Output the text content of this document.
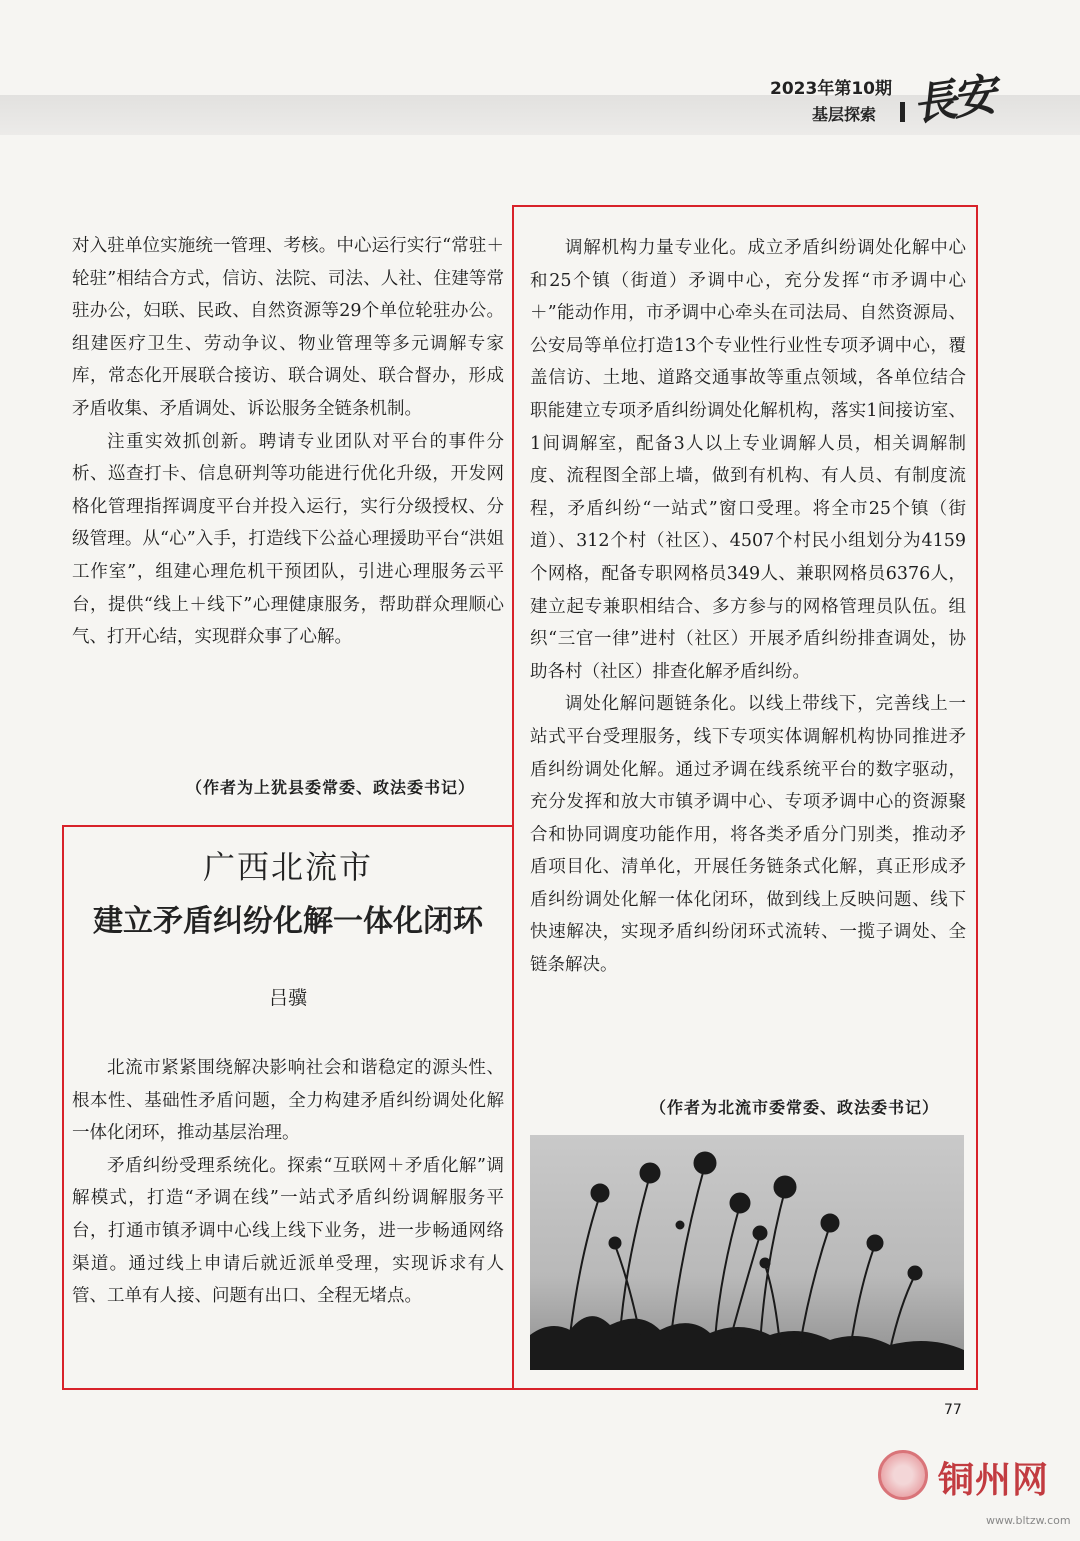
2023年第10期
基层探索 長安

对入驻单位实施统一管理、考核。中心运行实行“常驻＋轮驻”相结合方式，信访、法院、司法、人社、住建等常驻办公，妇联、民政、自然资源等29个单位轮驻办公。组建医疗卫生、劳动争议、物业管理等多元调解专家库，常态化开展联合接访、联合调处、联合督办，形成矛盾收集、矛盾调处、诉讼服务全链条机制。

注重实效抓创新。聘请专业团队对平台的事件分析、巡查打卡、信息研判等功能进行优化升级，开发网格化管理指挥调度平台并投入运行，实行分级授权、分级管理。从“心”入手，打造线下公益心理援助平台“洪姐工作室”，组建心理危机干预团队，引进心理服务云平台，提供“线上＋线下”心理健康服务，帮助群众理顺心气、打开心结，实现群众事了心解。

（作者为上犹县委常委、政法委书记）
广西北流市
建立矛盾纠纷化解一体化闭环
吕骥

北流市紧紧围绕解决影响社会和谐稳定的源头性、根本性、基础性矛盾问题，全力构建矛盾纠纷调处化解一体化闭环，推动基层治理。

矛盾纠纷受理系统化。探索“互联网＋矛盾化解”调解模式，打造“矛调在线”一站式矛盾纠纷调解服务平台，打通市镇矛调中心线上线下业务，进一步畅通网络渠道。通过线上申请后就近派单受理，实现诉求有人管、工单有人接、问题有出口、全程无堵点。

调解机构力量专业化。成立矛盾纠纷调处化解中心和25个镇（街道）矛调中心，充分发挥“市矛调中心＋”能动作用，市矛调中心牵头在司法局、自然资源局、公安局等单位打造13个专业性行业性专项矛调中心，覆盖信访、土地、道路交通事故等重点领域，各单位结合职能建立专项矛盾纠纷调处化解机构，落实1间接访室、1间调解室，配备3人以上专业调解人员，相关调解制度、流程图全部上墙，做到有机构、有人员、有制度流程，矛盾纠纷“一站式”窗口受理。将全市25个镇（街道）、312个村（社区）、4507个村民小组划分为4159个网格，配备专职网格员349人、兼职网格员6376人，建立起专兼职相结合、多方参与的网格管理员队伍。组织“三官一律”进村（社区）开展矛盾纠纷排查调处，协助各村（社区）排查化解矛盾纠纷。

调处化解问题链条化。以线上带线下，完善线上一站式平台受理服务，线下专项实体调解机构协同推进矛盾纠纷调处化解。通过矛调在线系统平台的数字驱动，充分发挥和放大市镇矛调中心、专项矛调中心的资源聚合和协同调度功能作用，将各类矛盾分门别类，推动矛盾项目化、清单化，开展任务链条式化解，真正形成矛盾纠纷调处化解一体化闭环，做到线上反映问题、线下快速解决，实现矛盾纠纷闭环式流转、一揽子调处、全链条解决。

（作者为北流市委常委、政法委书记）
77
铜州网
www.bltzw.com
